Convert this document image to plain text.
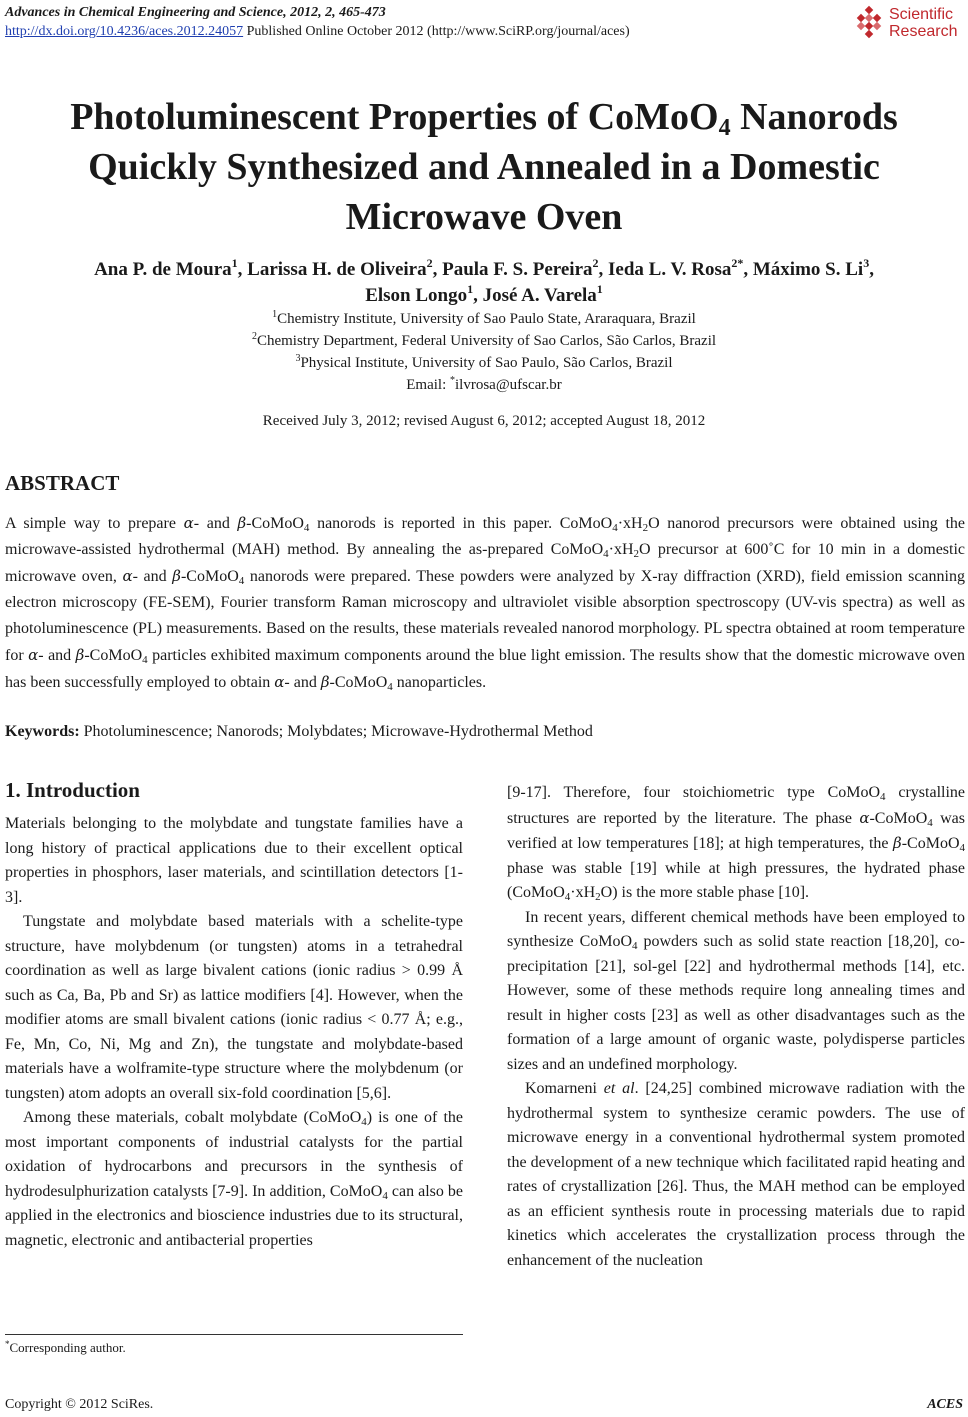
Advances in Chemical Engineering and Science, 2012, 2, 465-473
http://dx.doi.org/10.4236/aces.2012.24057 Published Online October 2012 (http://www.SciRP.org/journal/aces)
Scientific
Research
Photoluminescent Properties of CoMoO$_4$ Nanorods
Quickly Synthesized and Annealed in a Domestic
Microwave Oven
Ana P. de Moura$^1$, Larissa H. de Oliveira$^2$, Paula F. S. Pereira$^2$, Ieda L. V. Rosa$^{2*}$, Máximo S. Li$^3$,
Elson Longo$^1$, José A. Varela$^1$
$^1$Chemistry Institute, University of Sao Paulo State, Araraquara, Brazil
$^2$Chemistry Department, Federal University of Sao Carlos, São Carlos, Brazil
$^3$Physical Institute, University of Sao Paulo, São Carlos, Brazil
Email: *ilvrosa@ufscar.br
Received July 3, 2012; revised August 6, 2012; accepted August 18, 2012
ABSTRACT
A simple way to prepare α- and β-CoMoO$_4$ nanorods is reported in this paper. $CoMoO_4\cdot xH_2O$ nanorod precursors were obtained using the microwave-assisted hydrothermal (MAH) method. By annealing the as-prepared $CoMoO_4\cdot xH_2O$ precursor at 600˚C for 10 min in a domestic microwave oven, α- and β-CoMoO$_4$ nanorods were prepared. These powders were analyzed by X-ray diffraction (XRD), field emission scanning electron microscopy (FE-SEM), Fourier transform Raman microscopy and ultraviolet visible absorption spectroscopy (UV-vis spectra) as well as photoluminescence (PL) measurements. Based on the results, these materials revealed nanorod morphology. PL spectra obtained at room temperature for α- and β-CoMoO$_4$ particles exhibited maximum components around the blue light emission. The results show that the domestic microwave oven has been successfully employed to obtain α- and β-CoMoO$_4$ nanoparticles.
Keywords: Photoluminescence; Nanorods; Molybdates; Microwave-Hydrothermal Method
1. Introduction

Materials belonging to the molybdate and tungstate families have a long history of practical applications due to their excellent optical properties in phosphors, laser materials, and scintillation detectors [1-3].

Tungstate and molybdate based materials with a schelite-type structure, have molybdenum (or tungsten) atoms in a tetrahedral coordination as well as large bivalent cations (ionic radius > 0.99 Å such as Ca, Ba, Pb and Sr) as lattice modifiers [4]. However, when the modifier atoms are small bivalent cations (ionic radius < 0.77 Å; e.g., Fe, Mn, Co, Ni, Mg and Zn), the tungstate and molybdate-based materials have a wolframite-type structure where the molybdenum (or tungsten) atom adopts an overall six-fold coordination [5,6].

Among these materials, cobalt molybdate (CoMoO$_4$) is one of the most important components of industrial catalysts for the partial oxidation of hydrocarbons and precursors in the synthesis of hydrodesulphurization catalysts [7-9]. In addition, CoMoO$_4$ can also be applied in the electronics and bioscience industries due to its structural, magnetic, electronic and antibacterial properties

[9-17]. Therefore, four stoichiometric type CoMoO$_4$ crystalline structures are reported by the literature. The phase α-CoMoO$_4$ was verified at low temperatures [18]; at high temperatures, the β-CoMoO$_4$ phase was stable [19] while at high pressures, the hydrated phase $(CoMoO_4\cdot xH_2O)$ is the more stable phase [10].

In recent years, different chemical methods have been employed to synthesize CoMoO$_4$ powders such as solid state reaction [18,20], co-precipitation [21], sol-gel [22] and hydrothermal methods [14], etc. However, some of these methods require long annealing times and result in higher costs [23] as well as other disadvantages such as the formation of a large amount of organic waste, polydisperse particles sizes and an undefined morphology.

Komarneni et al. [24,25] combined microwave radiation with the hydrothermal system to synthesize ceramic powders. The use of microwave energy in a conventional hydrothermal system promoted the development of a new technique which facilitated rapid heating and rates of crystallization [26]. Thus, the MAH method can be employed as an efficient synthesis route in processing materials due to rapid kinetics which accelerates the crystallization process through the enhancement of the nucleation

*Corresponding author.
Copyright © 2012 SciRes.	ACES
